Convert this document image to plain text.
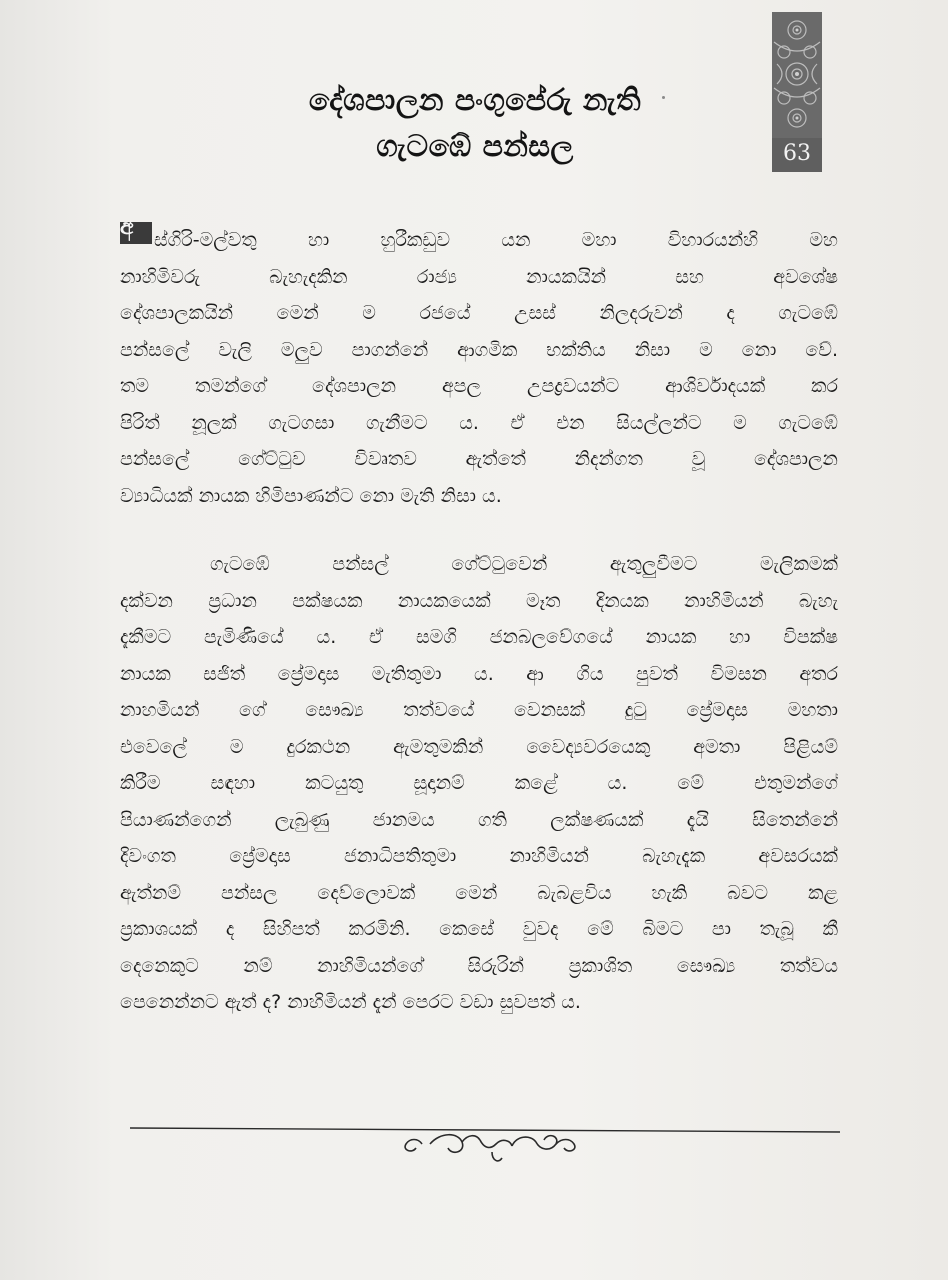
දේශපාලන පංගුපේරු නැති
ගැටඹේ පන්සල	63
අ ස්ගිරි-මල්වතු හා හුරීකඩුව යන මහා විහාරයන්හි මහ
නාහිමිවරු බැහැදකින රාජ්‍ය නායකයින් සහ අවශේෂ
දේශපාලකයින් මෙන් ම රජයේ උසස් නිලදරුවන් ද ගැටඹේ
පන්සලේ වැලි මලුව පාගන්නේ ආගමික භක්තිය නිසා ම නො වේ.
තම තමන්ගේ දේශපාලන අපල උපද්‍රවයන්ට ආශිර්වාදයක් කර
පිරිත් නූලක් ගැටගසා ගැනීමට ය. ඒ එන සියල්ලන්ට ම ගැටඹේ
පන්සලේ ගේට්ටුව විවෘතව ඇත්තේ නිදන්ගත වූ දේශපාලන
ව්‍යාධියක් නායක හිමිපාණන්ට නො මැති නිසා ය.
ගැටඹේ පන්සල් ගේට්ටුවෙන් ඇතුලුවීමට මැලිකමක්
දක්වන ප්‍රධාන පක්ෂයක නායකයෙක් මෑත දිනයක නාහිමියන් බැහැ
දැකීමට පැමිණියේ ය. ඒ සමගි ජනබලවේගයේ නායක හා විපක්ෂ
නායක සජිත් ප්‍රේමදාස මැතිතුමා ය. ආ ගිය පුවත් විමසන අතර
නාහමියන් ගේ සෞඛ්‍ය තත්වයේ වෙනසක් දුටු ප්‍රේමදාස මහතා
එවෙලේ ම දුරකථන ඇමතුමකින් වෛද්‍යවරයෙකු අමතා පිළියම්
කිරීම සඳහා කටයුතු සූදානම් කළේ ය. මේ එතුමන්ගේ
පියාණන්ගෙන් ලැබුණු ජානමය ගති ලක්ෂණයක් දැයි සිතෙන්නේ
දිවංගත ප්‍රේමදාස ජනාධිපතිතුමා නාහිමියන් බැහැදැක අවසරයක්
ඇත්නම් පන්සල දෙව්ලොවක් මෙන් බැබළවිය හැකි බවට කළ
ප්‍රකාශයක් ද සිහිපත් කරමිනි. කෙසේ වුවද මේ බිමට පා තැබූ කී
දෙනෙකුට නම් නාහිමියන්ගේ සිරුරින් ප්‍රකාශිත සෞඛ්‍ය තත්වය
පෙනෙන්නට ඇත් ද? නාහිමියන් දැන් පෙරට වඩා සුවපත් ය.
